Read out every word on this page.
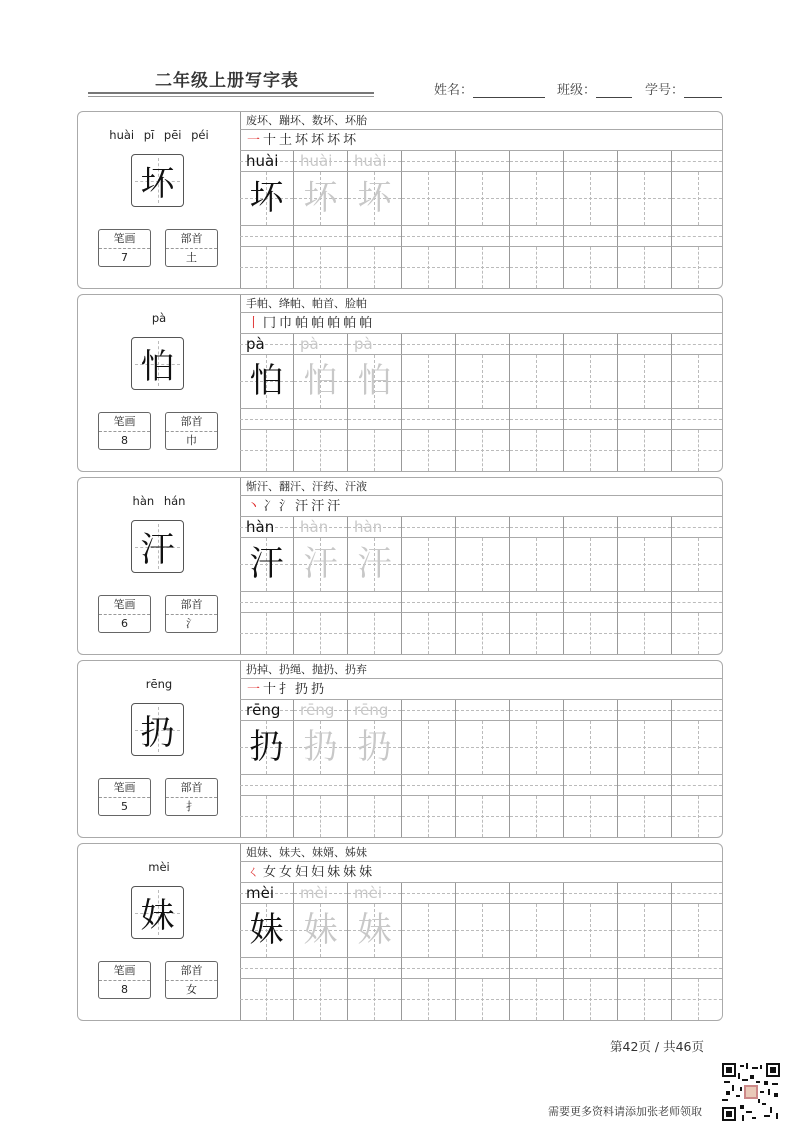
二年级上册写字表	姓名：	班级：	学号：
huài pī pēi péi
坏
笔画
7
部首
土
废坏、蹦坏、数坏、坏胎
一 十 土 坏 坏 坏 坏
huài
坏
huài
坏
huài
坏
pà
怕
笔画
8
部首
巾
手帕、绛帕、帕首、脸帕
丨 冂 巾 帕 帕 帕 帕 帕
pà
怕
pà
怕
pà
怕
hàn hán
汗
笔画
6
部首
氵
惭汗、翻汗、汗药、汗液
丶 冫 氵 汗 汗 汗
hàn
汗
hàn
汗
hàn
汗
rēng
扔
笔画
5
部首
扌
扔掉、扔绳、抛扔、扔弃
一 十 扌 扔 扔
rēng
扔
rēng
扔
rēng
扔
mèi
妹
笔画
8
部首
女
姐妹、妹夫、妹婿、姊妹
ㄑ 女 女 妇 妇 妹 妹 妹
mèi
妹
mèi
妹
mèi
妹
第42页 / 共46页
需要更多资料请添加张老师领取
